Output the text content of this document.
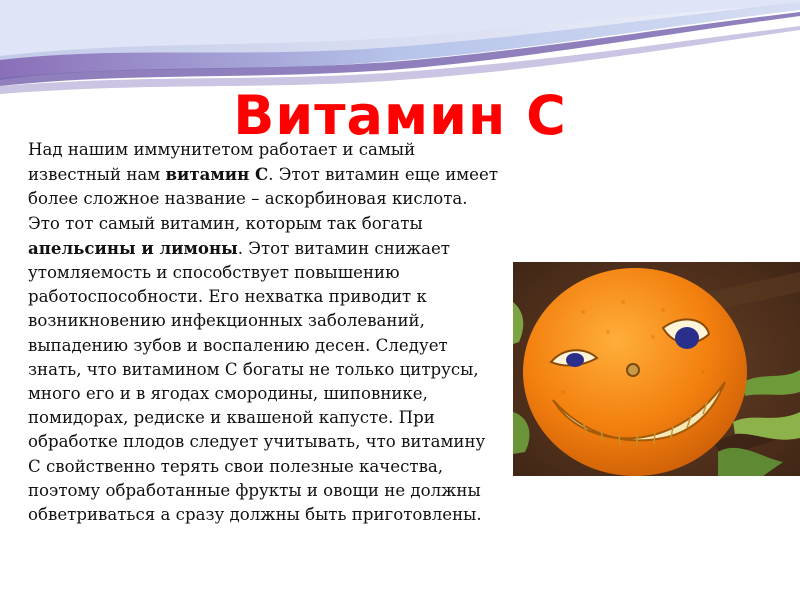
Витамин С

Над нашим иммунитетом работает и самый известный нам витамин С. Этот витамин еще имеет более сложное название – аскорбиновая кислота. Это тот самый витамин, которым так богаты апельсины и лимоны. Этот витамин снижает утомляемость и способствует повышению работоспособности. Его нехватка приводит к возникновению инфекционных заболеваний, выпадению зубов и воспалению десен. Следует знать, что витамином С богаты не только цитрусы, много его и в ягодах смородины, шиповнике, помидорах, редиске и квашеной капусте. При обработке плодов следует учитывать, что витамину С свойственно терять свои полезные качества, поэтому обработанные фрукты и овощи не должны обветриваться а сразу должны быть приготовлены.
